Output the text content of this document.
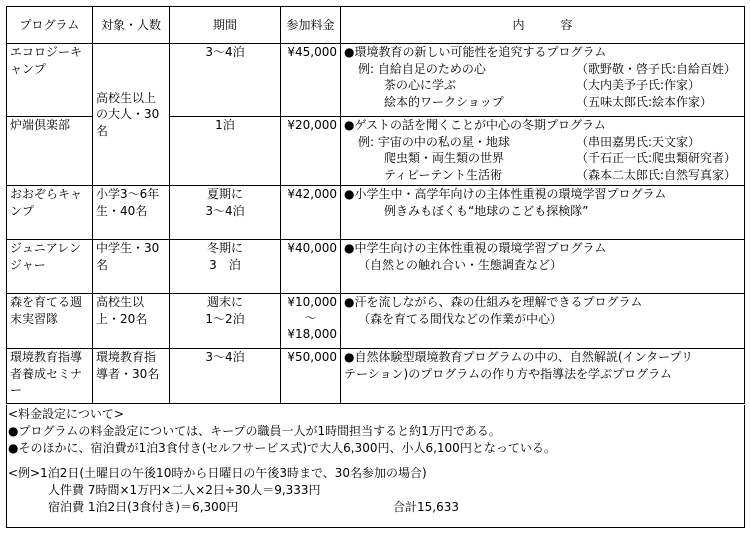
プログラム	対象・人数	期間	参加料金	内　　　容
エコロジーキャンプ	高校生以上の大人・30名	3～4泊	¥45,000	●環境教育の新しい可能性を追究するプログラム
例: 自給自足のための心 （歌野敬・啓子氏:自給百姓）
茶の心に学ぶ （大内美予子氏:作家）
絵本的ワークショップ （五味太郎氏:絵本作家）

炉端倶楽部		1泊	¥20,000	●ゲストの話を聞くことが中心の冬期プログラム
例: 宇宙の中の私の星・地球 （串田嘉男氏:天文家）
爬虫類・両生類の世界 （千石正一氏:爬虫類研究者）
ティピーテント生活術 （森本二太郎氏:自然写真家）

おおぞらキャンプ	小学3～6年生・40名	夏期に
3～4泊	¥42,000	●小学生中・高学年向けの主体性重視の環境学習プログラム
例きみもぼくも“地球のこども探検隊”

ジュニアレンジャー	中学生・30名	冬期に
3　泊	¥40,000	●中学生向けの主体性重視の環境学習プログラム
（自然との触れ合い・生態調査など）

森を育てる週末実習隊	高校生以上・20名	週末に
1～2泊	¥10,000
～
¥18,000	●汗を流しながら、森の仕組みを理解できるプログラム
（森を育てる間伐などの作業が中心）

環境教育指導者養成セミナー	環境教育指導者・30名	3～4泊	¥50,000	●自然体験型環境教育プログラムの中の、自然解説(インタープリ
テーション)のプログラムの作り方や指導法を学ぶプログラム
<料金設定について>
●プログラムの料金設定については、キープの職員一人が1時間担当すると約1万円である。
●そのほかに、宿泊費が1泊3食付き(セルフサービス式)で大人6,300円、小人6,100円となっている。
<例>1泊2日(土曜日の午後10時から日曜日の午後3時まで、30名参加の場合)
人件費 7時間×1万円×二人×2日÷30人＝9,333円
宿泊費 1泊2日(3食付き)＝6,300円	合計15,633
